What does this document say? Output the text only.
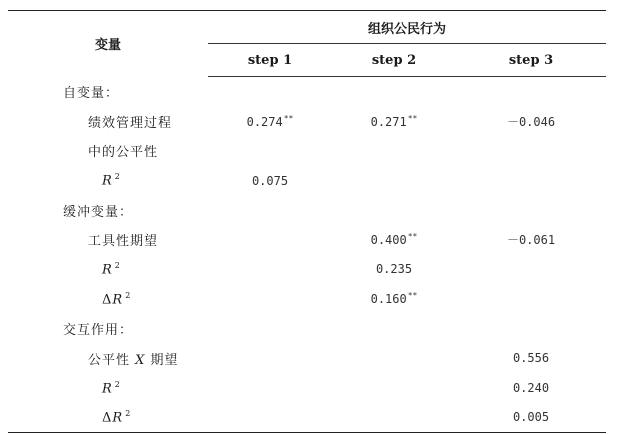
变量	组织公民行为		
	step 1	step 2	step 3
自变量：			
绩效管理过程	0.274**	0.271**	－0.046
中的公平性			
R $^2$	0.075		
缓冲变量：			
工具性期望		0.400**	－0.061
R $^2$		0.235	
ΔR $^2$		0.160**	
交互作用：			
公平性 X 期望			0.556
R $^2$			0.240
ΔR $^2$			0.005
